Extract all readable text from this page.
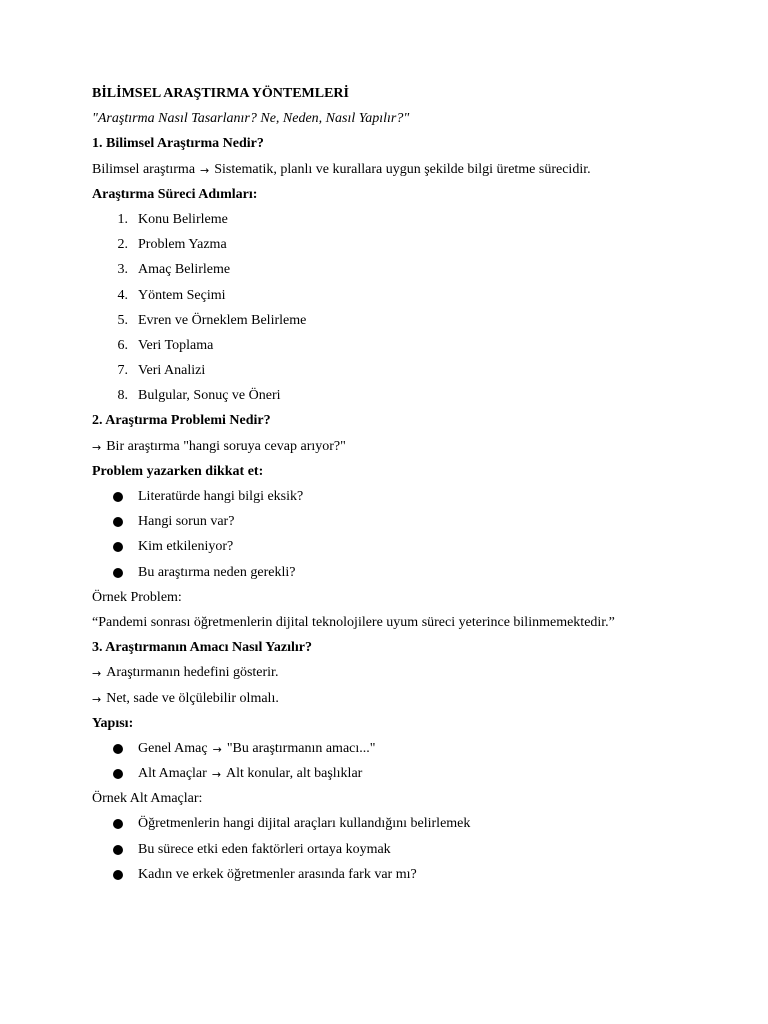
BİLİMSEL ARAŞTIRMA YÖNTEMLERİ
"Araştırma Nasıl Tasarlanır? Ne, Neden, Nasıl Yapılır?"
1. Bilimsel Araştırma Nedir?
Bilimsel araştırma → Sistematik, planlı ve kurallara uygun şekilde bilgi üretme sürecidir.
Araştırma Süreci Adımları:
1. Konu Belirleme
2. Problem Yazma
3. Amaç Belirleme
4. Yöntem Seçimi
5. Evren ve Örneklem Belirleme
6. Veri Toplama
7. Veri Analizi
8. Bulgular, Sonuç ve Öneri
2. Araştırma Problemi Nedir?
→ Bir araştırma "hangi soruya cevap arıyor?"
Problem yazarken dikkat et:
Literatürde hangi bilgi eksik?
Hangi sorun var?
Kim etkileniyor?
Bu araştırma neden gerekli?
Örnek Problem:
“Pandemi sonrası öğretmenlerin dijital teknolojilere uyum süreci yeterince bilinmemektedir.”
3. Araştırmanın Amacı Nasıl Yazılır?
→ Araştırmanın hedefini gösterir.
→ Net, sade ve ölçülebilir olmalı.
Yapısı:
Genel Amaç → "Bu araştırmanın amacı..."
Alt Amaçlar → Alt konular, alt başlıklar
Örnek Alt Amaçlar:
Öğretmenlerin hangi dijital araçları kullandığını belirlemek
Bu sürece etki eden faktörleri ortaya koymak
Kadın ve erkek öğretmenler arasında fark var mı?
